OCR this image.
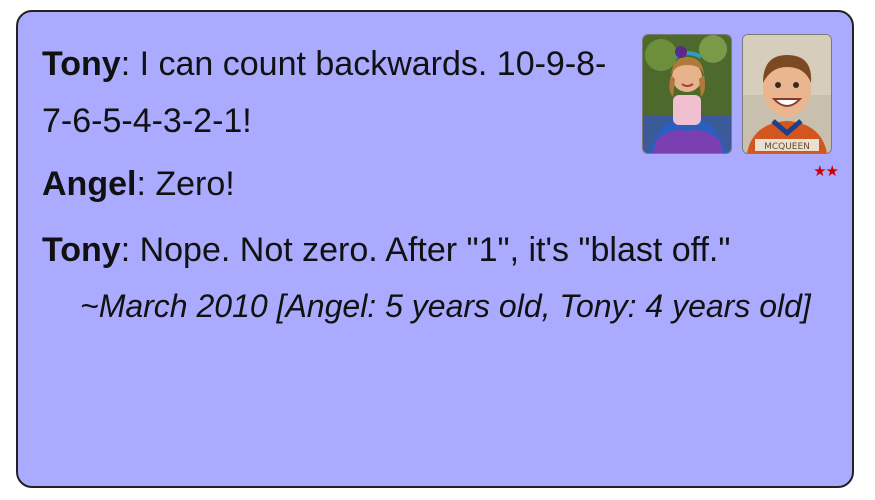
MCQUEEN
★★

Tony: I can count backwards. 10-9-8-7-6-5-4-3-2-1!

Angel: Zero!

Tony: Nope. Not zero. After "1", it's "blast off."

~March 2010 [Angel: 5 years old, Tony: 4 years old]
